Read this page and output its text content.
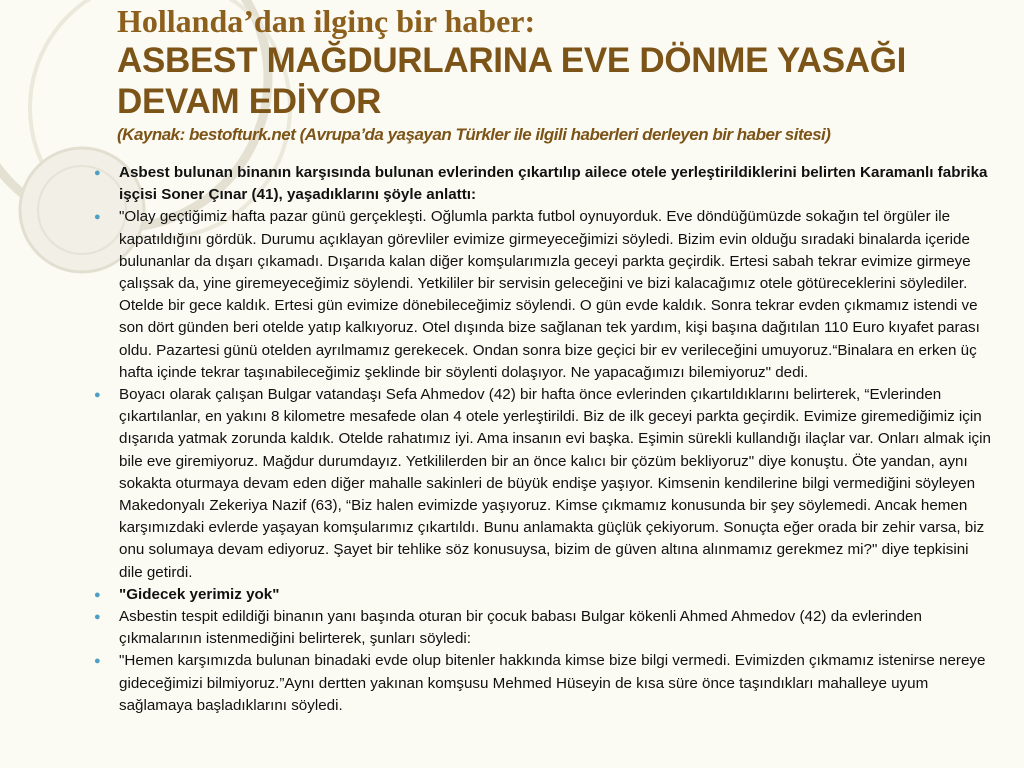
Hollanda’dan ilginç bir haber:
ASBEST MAĞDURLARINA EVE DÖNME YASAĞI DEVAM EDİYOR
(Kaynak: bestofturk.net (Avrupa’da yaşayan Türkler ile ilgili haberleri derleyen bir haber sitesi)
●	Asbest bulunan binanın karşısında bulunan evlerinden çıkartılıp ailece otele yerleştirildiklerini belirten Karamanlı fabrika işçisi Soner Çınar (41), yaşadıklarını şöyle anlattı:
●	"Olay geçtiğimiz hafta pazar günü gerçekleşti. Oğlumla parkta futbol oynuyorduk. Eve döndüğümüzde sokağın tel örgüler ile kapatıldığını gördük. Durumu açıklayan görevliler evimize girmeyeceğimizi söyledi. Bizim evin olduğu sıradaki binalarda içeride bulunanlar da dışarı çıkamadı. Dışarıda kalan diğer komşularımızla geceyi parkta geçirdik. Ertesi sabah tekrar evimize girmeye çalışsak da, yine giremeyeceğimiz söylendi. Yetkililer bir servisin geleceğini ve bizi kalacağımız otele götüreceklerini söylediler. Otelde bir gece kaldık. Ertesi gün evimize dönebileceğimiz söylendi. O gün evde kaldık. Sonra tekrar evden çıkmamız istendi ve son dört günden beri otelde yatıp kalkıyoruz. Otel dışında bize sağlanan tek yardım, kişi başına dağıtılan 110 Euro kıyafet parası oldu. Pazartesi günü otelden ayrılmamız gerekecek. Ondan sonra bize geçici bir ev verileceğini umuyoruz.“Binalara en erken üç hafta içinde tekrar taşınabileceğimiz şeklinde bir söylenti dolaşıyor. Ne yapacağımızı bilemiyoruz" dedi.
●	Boyacı olarak çalışan Bulgar vatandaşı Sefa Ahmedov (42) bir hafta önce evlerinden çıkartıldıklarını belirterek, “Evlerinden çıkartılanlar, en yakını 8 kilometre mesafede olan 4 otele yerleştirildi. Biz de ilk geceyi parkta geçirdik. Evimize giremediğimiz için dışarıda yatmak zorunda kaldık. Otelde rahatımız iyi. Ama insanın evi başka. Eşimin sürekli kullandığı ilaçlar var. Onları almak için bile eve giremiyoruz. Mağdur durumdayız. Yetkililerden bir an önce kalıcı bir çözüm bekliyoruz" diye konuştu. Öte yandan, aynı sokakta oturmaya devam eden diğer mahalle sakinleri de büyük endişe yaşıyor. Kimsenin kendilerine bilgi vermediğini söyleyen Makedonyalı Zekeriya Nazif (63), “Biz halen evimizde yaşıyoruz. Kimse çıkmamız konusunda bir şey söylemedi. Ancak hemen karşımızdaki evlerde yaşayan komşularımız çıkartıldı. Bunu anlamakta güçlük çekiyorum. Sonuçta eğer orada bir zehir varsa, biz onu solumaya devam ediyoruz. Şayet bir tehlike söz konusuysa, bizim de güven altına alınmamız gerekmez mi?" diye tepkisini dile getirdi.
●	"Gidecek yerimiz yok"
●	Asbestin tespit edildiği binanın yanı başında oturan bir çocuk babası Bulgar kökenli Ahmed Ahmedov (42) da evlerinden çıkmalarının istenmediğini belirterek, şunları söyledi:
●	"Hemen karşımızda bulunan binadaki evde olup bitenler hakkında kimse bize bilgi vermedi. Evimizden çıkmamız istenirse nereye gideceğimizi bilmiyoruz.”Aynı dertten yakınan komşusu Mehmed Hüseyin de kısa süre önce taşındıkları mahalleye uyum sağlamaya başladıklarını söyledi.
